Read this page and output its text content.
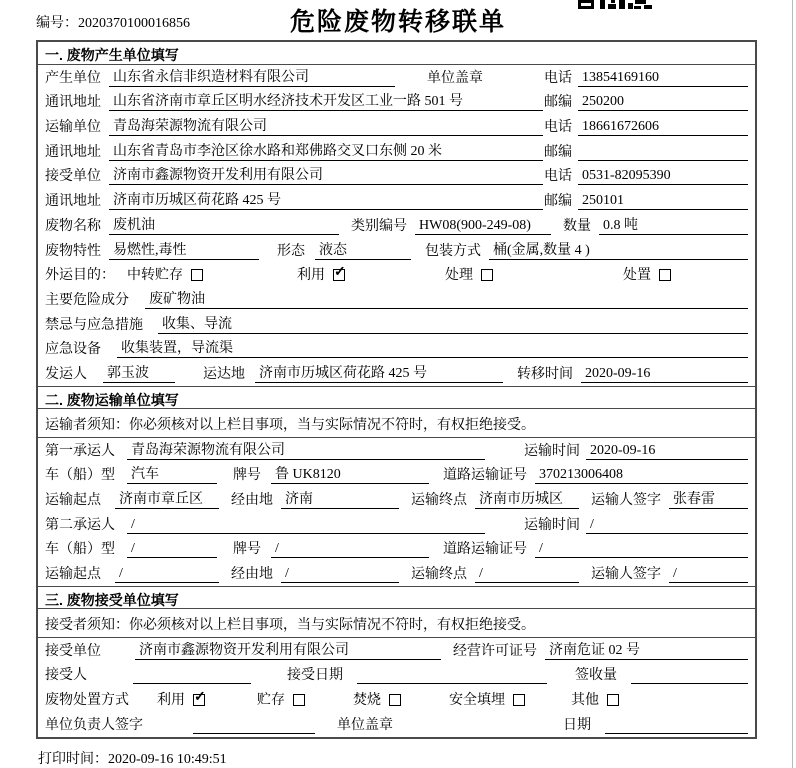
编号：2020370100016856	危险废物转移联单
一. 废物产生单位填写
产生单位 山东省永信非织造材料有限公司	单位盖章	电话 13854169160
通讯地址 山东省济南市章丘区明水经济技术开发区工业一路 501 号	邮编 250200
运输单位 青岛海荣源物流有限公司	电话 18661672606
通讯地址 山东省青岛市李沧区徐水路和郑佛路交叉口东侧 20 米	邮编
接受单位 济南市鑫源物资开发利用有限公司	电话 0531-82095390
通讯地址 济南市历城区荷花路 425 号	邮编 250101
废物名称 废机油	类别编号 HW08(900-249-08)	数量 0.8 吨
废物特性 易燃性,毒性	形态 液态	包装方式 桶(金属,数量 4 )
外运目的： 中转贮存	利用 ✓	处理	处置
主要危险成分	废矿物油
禁忌与应急措施	收集、导流
应急设备	收集装置，导流渠
发运人	郭玉波	运达地 济南市历城区荷花路 425 号	转移时间 2020-09-16
二. 废物运输单位填写
运输者须知：你必须核对以上栏目事项，当与实际情况不符时，有权拒绝接受。
第一承运人	青岛海荣源物流有限公司	运输时间 2020-09-16
车（船）型	汽车	牌号 鲁 UK8120	道路运输证号 370213006408
运输起点	济南市章丘区	经由地 济南	运输终点 济南市历城区	运输人签字 张春雷
第二承运人	/	运输时间 /
车（船）型	/	牌号 /	道路运输证号 /
运输起点	/	经由地 /	运输终点 /	运输人签字 /
三. 废物接受单位填写
接受者须知：你必须核对以上栏目事项，当与实际情况不符时，有权拒绝接受。
接受单位	济南市鑫源物资开发利用有限公司	经营许可证号 济南危证 02 号
接受人	接受日期	签收量
废物处置方式 利用 ✓	贮存	焚烧	安全填埋	其他
单位负责人签字	单位盖章	日期
打印时间：2020-09-16 10:49:51
